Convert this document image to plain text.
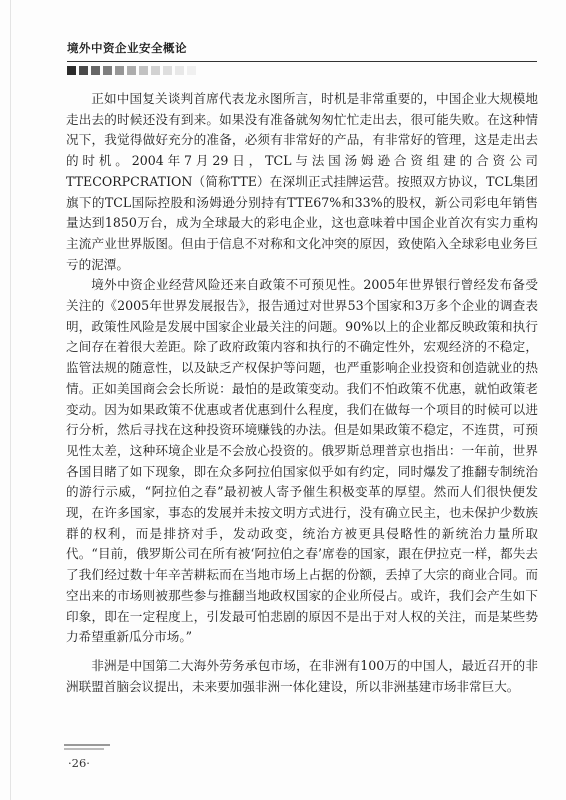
境外中资企业安全概论

正如中国复关谈判首席代表龙永图所言，时机是非常重要的，中国企业大规模地走出去的时候还没有到来。如果没有准备就匆匆忙忙走出去，很可能失败。在这种情况下，我觉得做好充分的准备，必须有非常好的产品，有非常好的管理，这是走出去的时机。2004年7月29日，TCL与法国汤姆逊合资组建的合资公司TTECORPCRATION（简称TTE）在深圳正式挂牌运营。按照双方协议，TCL集团旗下的TCL国际控股和汤姆逊分别持有TTE67%和33%的股权，新公司彩电年销售量达到1850万台，成为全球最大的彩电企业，这也意味着中国企业首次有实力重构主流产业世界版图。但由于信息不对称和文化冲突的原因，致使陷入全球彩电业务巨亏的泥潭。

境外中资企业经营风险还来自政策不可预见性。2005年世界银行曾经发布备受关注的《2005年世界发展报告》，报告通过对世界53个国家和3万多个企业的调查表明，政策性风险是发展中国家企业最关注的问题。90%以上的企业都反映政策和执行之间存在着很大差距。除了政府政策内容和执行的不确定性外，宏观经济的不稳定，监管法规的随意性，以及缺乏产权保护等问题，也严重影响企业投资和创造就业的热情。正如美国商会会长所说：最怕的是政策变动。我们不怕政策不优惠，就怕政策老变动。因为如果政策不优惠或者优惠到什么程度，我们在做每一个项目的时候可以进行分析，然后寻找在这种投资环境赚钱的办法。但是如果政策不稳定，不连贯，可预见性太差，这种环境企业是不会放心投资的。俄罗斯总理普京也指出：一年前，世界各国目睹了如下现象，即在众多阿拉伯国家似乎如有约定，同时爆发了推翻专制统治的游行示威，“阿拉伯之春”最初被人寄予催生积极变革的厚望。然而人们很快便发现，在许多国家，事态的发展并未按文明方式进行，没有确立民主，也未保护少数族群的权利，而是排挤对手，发动政变，统治方被更具侵略性的新统治力量所取代。“目前，俄罗斯公司在所有被‘阿拉伯之春’席卷的国家，跟在伊拉克一样，都失去了我们经过数十年辛苦耕耘而在当地市场上占据的份额，丢掉了大宗的商业合同。而空出来的市场则被那些参与推翻当地政权国家的企业所侵占。或许，我们会产生如下印象，即在一定程度上，引发最可怕悲剧的原因不是出于对人权的关注，而是某些势力希望重新瓜分市场。”

非洲是中国第二大海外劳务承包市场，在非洲有100万的中国人，最近召开的非洲联盟首脑会议提出，未来要加强非洲一体化建设，所以非洲基建市场非常巨大。

·26·
